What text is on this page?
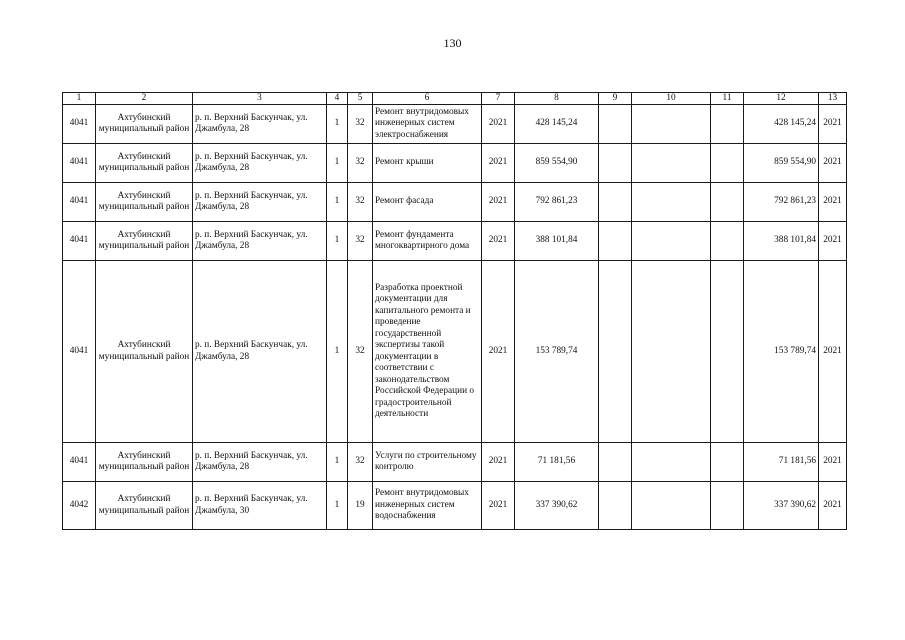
130
1	2	3	4	5	6	7	8	9	10	11	12	13
4041	Ахтубинский муниципальный район	р. п. Верхний Баскунчак, ул. Джамбула, 28	1	32	Ремонт внутридомовых инженерных систем электроснабжения	2021	428 145,24				428 145,24	2021
4041	Ахтубинский муниципальный район	р. п. Верхний Баскунчак, ул. Джамбула, 28	1	32	Ремонт крыши	2021	859 554,90				859 554,90	2021
4041	Ахтубинский муниципальный район	р. п. Верхний Баскунчак, ул. Джамбула, 28	1	32	Ремонт фасада	2021	792 861,23				792 861,23	2021
4041	Ахтубинский муниципальный район	р. п. Верхний Баскунчак, ул. Джамбула, 28	1	32	Ремонт фундамента многоквартирного дома	2021	388 101,84				388 101,84	2021
4041	Ахтубинский муниципальный район	р. п. Верхний Баскунчак, ул. Джамбула, 28	1	32	Разработка проектной документации для капитального ремонта и проведение государственной экспертизы такой документации в соответствии с законодательством Российской Федерации о градостроительной деятельности	2021	153 789,74				153 789,74	2021
4041	Ахтубинский муниципальный район	р. п. Верхний Баскунчак, ул. Джамбула, 28	1	32	Услуги по строительному контролю	2021	71 181,56				71 181,56	2021
4042	Ахтубинский муниципальный район	р. п. Верхний Баскунчак, ул. Джамбула, 30	1	19	Ремонт внутридомовых инженерных систем водоснабжения	2021	337 390,62				337 390,62	2021
